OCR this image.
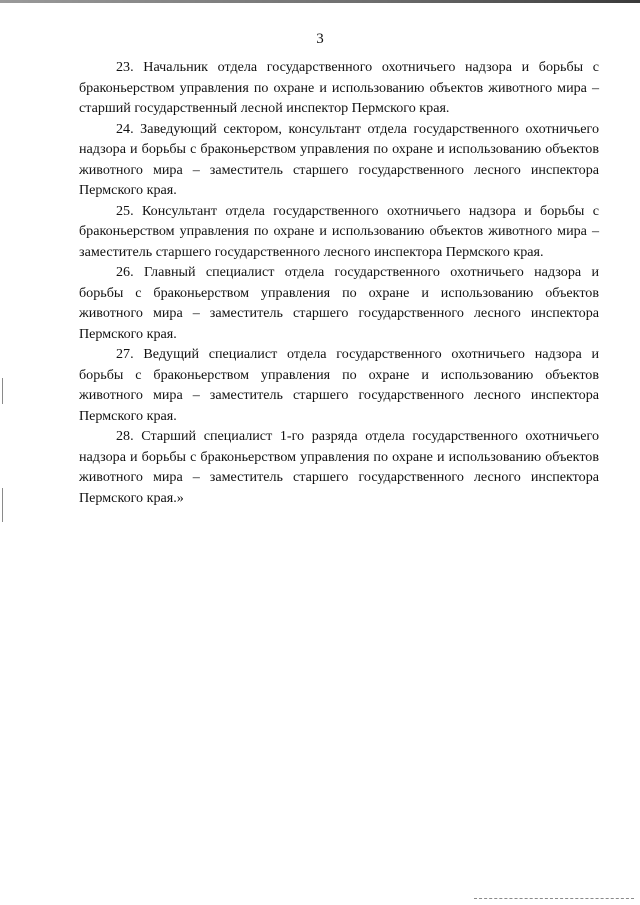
3

23. Начальник отдела государственного охотничьего надзора и борьбы с браконьерством управления по охране и использованию объектов животного мира – старший государственный лесной инспектор Пермского края.

24. Заведующий сектором, консультант отдела государственного охотничьего надзора и борьбы с браконьерством управления по охране и использованию объектов животного мира – заместитель старшего государственного лесного инспектора Пермского края.

25. Консультант отдела государственного охотничьего надзора и борьбы с браконьерством управления по охране и использованию объектов животного мира – заместитель старшего государственного лесного инспектора Пермского края.

26. Главный специалист отдела государственного охотничьего надзора и борьбы с браконьерством управления по охране и использованию объектов животного мира – заместитель старшего государственного лесного инспектора Пермского края.

27. Ведущий специалист отдела государственного охотничьего надзора и борьбы с браконьерством управления по охране и использованию объектов животного мира – заместитель старшего государственного лесного инспектора Пермского края.

28. Старший специалист 1-го разряда отдела государственного охотничьего надзора и борьбы с браконьерством управления по охране и использованию объектов животного мира – заместитель старшего государственного лесного инспектора Пермского края.»
